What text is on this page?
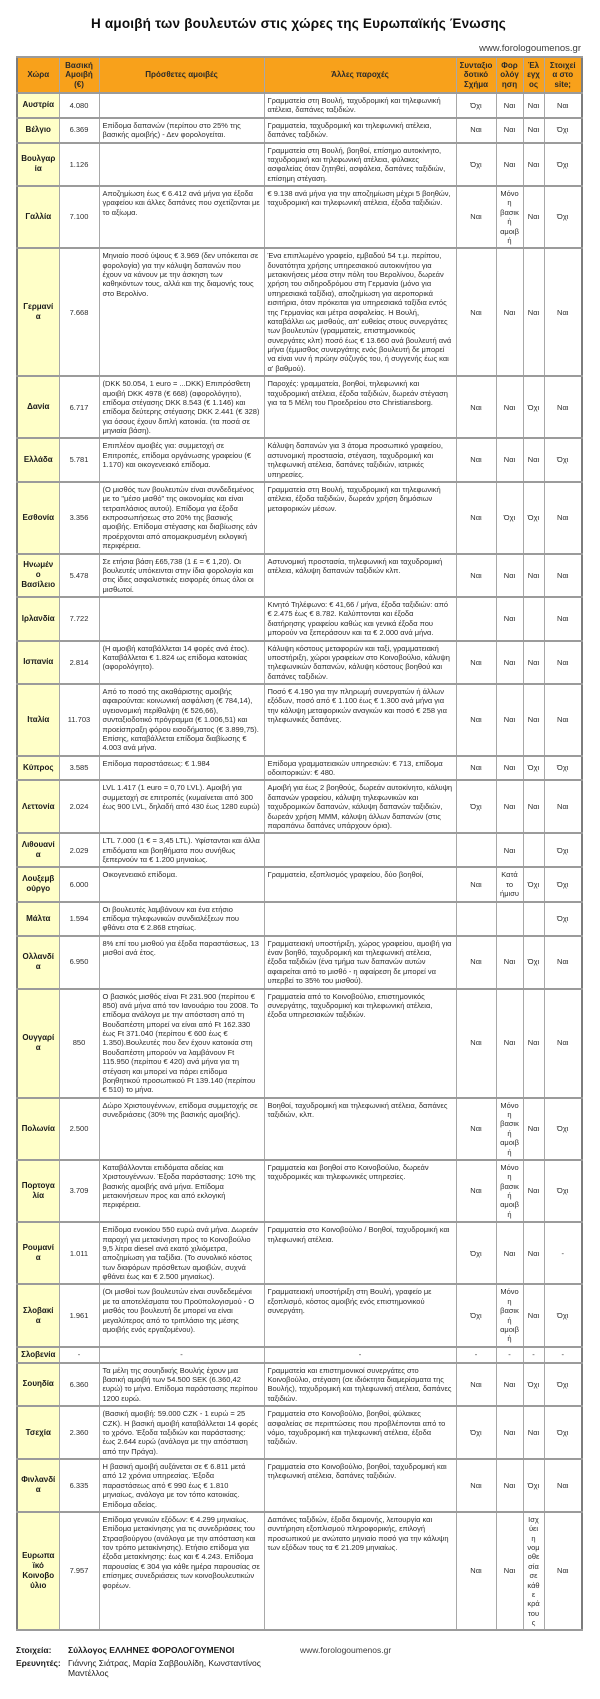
Η αμοιβή των βουλευτών στις χώρες της Ευρωπαϊκής Ένωσης
www.forologoumenos.gr
Χώρα	Βασική Αμοιβή (€)	Πρόσθετες αμοιβές	Άλλες παροχές	Συνταξιοδοτικό Σχήμα	Φορολόγηση	Έλεγχος	Στοιχεία στο site;
Αυστρία	4.080		Γραμματεία στη Βουλή, ταχυδρομική και τηλεφωνική ατέλεια, δαπάνες ταξιδιών.	Όχι	Ναι	Ναι	Ναι
Βέλγιο	6.369	Επίδομα δαπανών (περίπου στο 25% της βασικής αμοιβής) - Δεν φορολογείται.	Γραμματεία, ταχυδρομική και τηλεφωνική ατέλεια, δαπάνες ταξιδιών.	Ναι	Ναι	Ναι	Όχι
Βουλγαρία	1.126		Γραμματεία στη Βουλή, βοηθοί, επίσημο αυτοκίνητο, ταχυδρομική και τηλεφωνική ατέλεια, φύλακες ασφαλείας όταν ζητηθεί, ασφάλεια, δαπάνες ταξιδιών, επίσημη στέγαση.	Όχι	Ναι	Ναι	Όχι
Γαλλία	7.100	Αποζημίωση έως € 6.412 ανά μήνα για έξοδα γραφείου και άλλες δαπάνες που σχετίζονται με το αξίωμα.	€ 9.138 ανά μήνα για την αποζημίωση μέχρι 5 βοηθών, ταχυδρομική και τηλεφωνική ατέλεια, έξοδα ταξιδιών.	Ναι	Μόνο η βασική αμοιβή	Ναι	Όχι
Γερμανία	7.668	Μηνιαίο ποσό ύψους € 3.969 (δεν υπόκειται σε φορολογία) για την κάλυψη δαπανών που έχουν να κάνουν με την άσκηση των καθηκόντων τους, αλλά και της διαμονής τους στο Βερολίνο.	Ένα επιπλωμένο γραφείο, εμβαδού 54 τ.μ. περίπου, δυνατότητα χρήσης υπηρεσιακού αυτοκινήτου για μετακινήσεις μέσα στην πόλη του Βερολίνου, δωρεάν χρήση του σιδηροδρόμου στη Γερμανία (μόνο για υπηρεσιακά ταξίδια), αποζημίωση για αεροπορικά εισιτήρια, όταν πρόκειται για υπηρεσιακά ταξίδια εντός της Γερμανίας και μέτρα ασφαλείας. Η Βουλή, καταβάλλει ως μισθούς, απ' ευθείας στους συνεργάτες των βουλευτών (γραμματείς, επιστημονικούς συνεργάτες κλπ) ποσό έως € 13.660 ανά βουλευτή ανά μήνα (έμμισθος συνεργάτης ενός βουλευτή δε μπορεί να είναι νυν ή πρώην σύζυγός του, ή συγγενής έως και α' βαθμού).	Ναι	Ναι	Ναι	Ναι
Δανία	6.717	(DKK 50.054, 1 euro = ...DKK) Επιπρόσθετη αμοιβή DKK 4978 (€ 668) (αφορολόγητο), επίδομα στέγασης DKK 8.543 (€ 1.146) και επίδομα δεύτερης στέγασης DKK 2.441 (€ 328) για όσους έχουν διπλή κατοικία. (τα ποσά σε μηνιαία βάση).	Παροχές: γραμματεία, βοηθοί, τηλεφωνική και ταχυδρομική ατέλεια, έξοδα ταξιδιών, δωρεάν στέγαση για τα 5 Μέλη του Προεδρείου στο Christiansborg.	Ναι	Ναι	Όχι	Ναι
Ελλάδα	5.781	Επιπλέον αμοιβές για: συμμετοχή σε Επιτροπές, επίδομα οργάνωσης γραφείου (€ 1.170) και οικογενειακό επίδομα.	Κάλυψη δαπανών για 3 άτομα προσωπικό γραφείου, αστυνομική προστασία, στέγαση, ταχυδρομική και τηλεφωνική ατέλεια, δαπάνες ταξιδιών, ιατρικές υπηρεσίες.	Ναι	Ναι	Ναι	Όχι
Εσθονία	3.356	(Ο μισθός των βουλευτών είναι συνδεδεμένος με το "μέσο μισθό" της οικονομίας και είναι τετραπλάσιος αυτού). Επίδομα για έξοδα εκπροσωπήσεως στο 20% της βασικής αμοιβής. Επίδομα στέγασης και διαβίωσης εάν προέρχονται από απομακρυσμένη εκλογική περιφέρεια.	Γραμματεία στη Βουλή, ταχυδρομική και τηλεφωνική ατέλεια, έξοδα ταξιδιών, δωρεάν χρήση δημόσιων μεταφορικών μέσων.	Ναι	Όχι	Όχι	Ναι
Ηνωμένο Βασίλειο	5.478	Σε ετήσια βάση £65,738 (1 £ = € 1,20). Οι βουλευτές υπόκεινται στην ίδια φορολογία και στις ίδιες ασφαλιστικές εισφορές όπως όλοι οι μισθωτοί.	Αστυνομική προστασία, τηλεφωνική και ταχυδρομική ατέλεια, κάλυψη δαπανών ταξιδιών κλπ.	Ναι	Ναι	Ναι	Ναι
Ιρλανδία	7.722		Κινητό Τηλέφωνο: € 41,66 / μήνα, έξοδα ταξιδιών: από € 2.475 έως € 8.782. Καλύπτονται και έξοδα διατήρησης γραφείου καθώς και γενικά έξοδα που μπορούν να ξεπεράσουν και τα € 2.000 ανά μήνα.		Ναι		Ναι
Ισπανία	2.814	(Η αμοιβή καταβάλλεται 14 φορές ανά έτος). Καταβάλλεται € 1.824 ως επίδομα κατοικίας (αφορολόγητο).	Κάλυψη κόστους μεταφορών και ταξί, γραμματειακή υποστήριξη, χώροι γραφείων στο Κοινοβούλιο, κάλυψη τηλεφωνικών δαπανών, κάλυψη κόστους βοηθού και δαπάνες ταξιδιών.	Ναι	Ναι	Ναι	Ναι
Ιταλία	11.703	Από το ποσό της ακαθάριστης αμοιβής αφαιρούνται: κοινωνική ασφάλιση (€ 784,14), υγειονομική περίθαλψη (€ 526,66), συνταξιοδοτικό πρόγραμμα (€ 1.006,51) και προείσπραξη φόρου εισοδήματος (€ 3.899,75). Επίσης, καταβάλλεται επίδομα διαβίωσης € 4.003 ανά μήνα.	Ποσό € 4.190 για την πληρωμή συνεργατών ή άλλων εξόδων, ποσό από € 1.100 έως € 1.300 ανά μήνα για την κάλυψη μεταφορικών αναγκών και ποσό € 258 για τηλεφωνικές δαπάνες.	Ναι	Ναι	Ναι	Ναι
Κύπρος	3.585	Επίδομα παραστάσεως: € 1.984	Επίδομα γραμματειακών υπηρεσιών: € 713, επίδομα οδοιπορικών: € 480.	Ναι	Ναι	Όχι	Όχι
Λεττονία	2.024	LVL 1.417 (1 euro = 0,70 LVL). Αμοιβή για συμμετοχή σε επιτροπές (κυμαίνεται από 300 έως 900 LVL, δηλαδή από 430 έως 1280 ευρώ)	Αμοιβή για έως 2 βοηθούς, δωρεάν αυτοκίνητο, κάλυψη δαπανών γραφείου, κάλυψη τηλεφωνικών και ταχυδρομικών δαπανών, κάλυψη δαπανών ταξιδιών, δωρεάν χρήση ΜΜΜ, κάλυψη άλλων δαπανών (στις παραπάνω δαπάνες υπάρχουν όρια).	Όχι	Ναι	Ναι	Ναι
Λιθουανία	2.029	LTL 7.000 (1 € = 3,45 LTL). Υφίστανται και άλλα επιδόματα και βοηθήματα που συνήθως ξεπερνούν τα € 1.200 μηνιαίως.			Ναι		Όχι
Λουξεμβούργο	6.000	Οικογενειακό επίδομα.	Γραμματεία, εξοπλισμός γραφείου, δύο βοηθοί,	Ναι	Κατά το ήμισυ	Όχι	Όχι
Μάλτα	1.594	Οι βουλευτές λαμβάνουν και ένα ετήσιο επίδομα τηλεφωνικών συνδιαλέξεων που φθάνει στα € 2.868 ετησίως.					Όχι
Ολλανδία	6.950	8% επί του μισθού για έξοδα παραστάσεως, 13 μισθοί ανά έτος.	Γραμματειακή υποστήριξη, χώρος γραφείου, αμοιβή για έναν βοηθό, ταχυδρομική και τηλεφωνική ατέλεια, έξοδα ταξιδιών (ένα τμήμα των δαπανών αυτών αφαιρείται από το μισθό - η αφαίρεση δε μπορεί να υπερβεί το 35% του μισθού).	Ναι	Ναι	Όχι	Ναι
Ουγγαρία	850	Ο βασικός μισθός είναι Ft 231.900 (περίπου € 850) ανά μήνα από τον Ιανουάριο του 2008. Το επίδομα ανάλογα με την απόσταση από τη Βουδαπέστη μπορεί να είναι από Ft 162.330 έως Ft 371.040 (περίπου € 600 έως € 1.350).Βουλευτές που δεν έχουν κατοικία στη Βουδαπέστη μπορούν να λαμβάνουν Ft 115.950 (περίπου € 420) ανά μήνα για τη στέγαση και μπορεί να πάρει επίδομα βοηθητικού προσωπικού Ft 139.140 (περίπου € 510) το μήνα.	Γραμματεία από το Κοινοβούλιο, επιστημονικός συνεργάτης, ταχυδρομική και τηλεφωνική ατέλεια, έξοδα υπηρεσιακών ταξιδιών.	Ναι	Ναι	Ναι	Ναι
Πολωνία	2.500	Δώρο Χριστουγέννων, επίδομα συμμετοχής σε συνεδριάσεις (30% της βασικής αμοιβής).	Βοηθοί, ταχυδρομική και τηλεφωνική ατέλεια, δαπάνες ταξιδιών, κλπ.	Ναι	Μόνο η βασική αμοιβή	Ναι	Όχι
Πορτογαλία	3.709	Καταβάλλονται επιδόματα αδείας και Χριστουγέννων. Έξοδα παράστασης: 10% της βασικής αμοιβής ανά μήνα. Επίδομα μετακινήσεων προς και από εκλογική περιφέρεια.	Γραμματεία και βοηθοί στο Κοινοβούλιο, δωρεάν ταχυδρομικές και τηλεφωνικές υπηρεσίες.	Ναι	Μόνο η βασική αμοιβή	Ναι	Όχι
Ρουμανία	1.011	Επίδομα ενοικίου 550 ευρώ ανά μήνα. Δωρεάν παροχή για μετακίνηση προς το Κοινοβούλιο 9,5 λίτρα diesel ανά εκατό χιλιόμετρα, αποζημίωση για ταξίδια. (Το συνολικό κόστος των διαφόρων πρόσθετων αμοιβών, συχνά φθάνει έως και € 2.500 μηνιαίως).	Γραμματεία στο Κοινοβούλιο / Βοηθοί, ταχυδρομική και τηλεφωνική ατέλεια.	Όχι	Ναι	Ναι	-
Σλοβακία	1.961	(Οι μισθοί των βουλευτών είναι συνδεδεμένοι με τα αποτελέσματα του Προϋπολογισμού - Ο μισθός του βουλευτή δε μπορεί να είναι μεγαλύτερος από το τριπλάσιο της μέσης αμοιβής ενός εργαζομένου).	Γραμματειακή υποστήριξη στη Βουλή, γραφείο με εξοπλισμό, κόστος αμοιβής ενός επιστημονικού συνεργάτη.	Όχι	Μόνο η βασική αμοιβή	Ναι	Όχι
Σλοβενία	-	-	-	-	-	-	-
Σουηδία	6.360	Τα μέλη της σουηδικής Βουλής έχουν μια βασική αμοιβή των 54.500 SEK (6.360,42 ευρώ) το μήνα. Επίδομα παράστασης περίπου 1200 ευρώ.	Γραμματεία και επιστημονικοί συνεργάτες στο Κοινοβούλιο, στέγαση (σε ιδιόκτητα διαμερίσματα της Βουλής), ταχυδρομική και τηλεφωνική ατέλεια, δαπάνες ταξιδιών.	Ναι	Ναι	Όχι	Όχι
Τσεχία	2.360	(Βασική αμοιβή: 59.000 CZK - 1 ευρώ = 25 CZK). Η βασική αμοιβή καταβάλλεται 14 φορές το χρόνο. Έξοδα ταξιδιών και παράστασης: έως 2.644 ευρώ (ανάλογα με την απόσταση από την Πράγα).	Γραμματεία στο Κοινοβούλιο, βοηθοί, φύλακες ασφαλείας σε περιπτώσεις που προβλέπονται από το νόμο, ταχυδρομική και τηλεφωνική ατέλεια, έξοδα ταξιδιών.	Όχι	Ναι	Ναι	Όχι
Φινλανδία	6.335	Η βασική αμοιβή αυξάνεται σε € 6.811 μετά από 12 χρόνια υπηρεσίας. Έξοδα παραστάσεως από € 990 έως € 1.810 μηνιαίως, ανάλογα με τον τόπο κατοικίας. Επίδομα αδείας.	Γραμματεία στο Κοινοβούλιο, βοηθοί, ταχυδρομική και τηλεφωνική ατέλεια, δαπάνες ταξιδιών.	Ναι	Ναι	Όχι	Ναι
Ευρωπαϊκό Κοινοβούλιο	7.957	Επίδομα γενικών εξόδων: € 4.299 μηνιαίως. Επίδομα μετακίνησης για τις συνεδριάσεις του Στρασβούργου (ανάλογα με την απόσταση και τον τρόπο μετακίνησης). Ετήσιο επίδομα για έξοδα μετακίνησης: έως και € 4.243. Επίδομα παρουσίας € 304 για κάθε ημέρα παρουσίας σε επίσημες συνεδριάσεις των κοινοβουλευτικών φορέων.	Δαπάνες ταξιδιών, έξοδα διαμονής, λειτουργία και συντήρηση εξοπλισμού πληροφορικής, επιλογή προσωπικού με ανώτατο μηνιαίο ποσό για την κάλυψη των εξόδων τους τα € 21.209 μηνιαίως.	Ναι	Ναι	Ισχύει η νομοθεσία σε κάθε κράτους	Ναι
Στοιχεία:	Σύλλογος ΕΛΛΗΝΕΣ ΦΟΡΟΛΟΓΟΥΜΕΝΟΙ	www.forologoumenos.gr
Ερευνητές: Γιάννης Σιάτρας, Μαρία Σαββουλίδη, Κωνσταντίνος Μαντέλλος
